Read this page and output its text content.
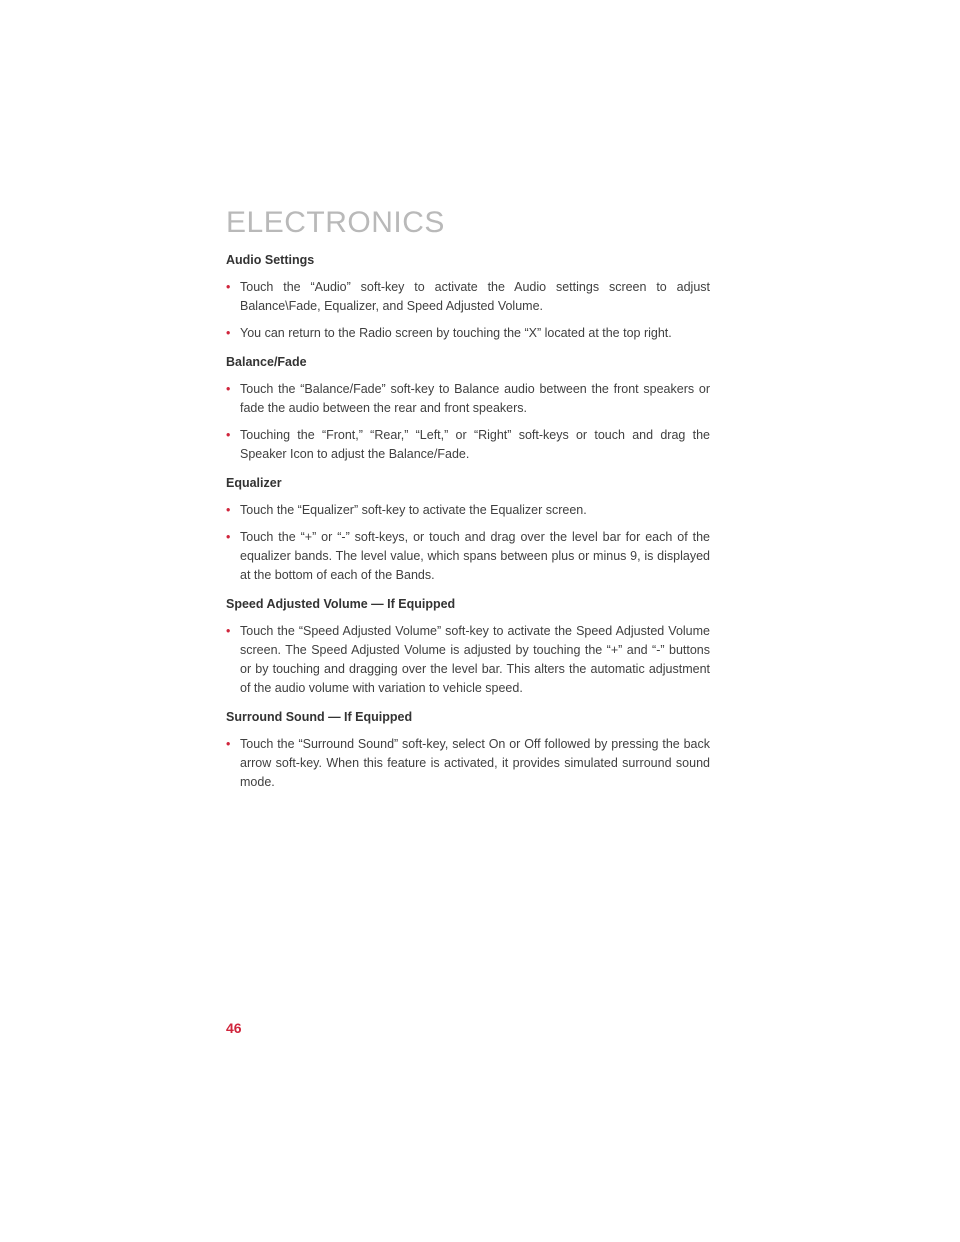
ELECTRONICS
Audio Settings
• Touch the “Audio” soft-key to activate the Audio settings screen to adjust Balance\Fade, Equalizer, and Speed Adjusted Volume.
• You can return to the Radio screen by touching the “X” located at the top right.
Balance/Fade
• Touch the “Balance/Fade” soft-key to Balance audio between the front speakers or fade the audio between the rear and front speakers.
• Touching the “Front,” “Rear,” “Left,” or “Right” soft-keys or touch and drag the Speaker Icon to adjust the Balance/Fade.
Equalizer
• Touch the “Equalizer” soft-key to activate the Equalizer screen.
• Touch the “+” or “-” soft-keys, or touch and drag over the level bar for each of the equalizer bands. The level value, which spans between plus or minus 9, is displayed at the bottom of each of the Bands.
Speed Adjusted Volume — If Equipped
• Touch the “Speed Adjusted Volume” soft-key to activate the Speed Adjusted Volume screen. The Speed Adjusted Volume is adjusted by touching the “+” and “-” buttons or by touching and dragging over the level bar. This alters the automatic adjustment of the audio volume with variation to vehicle speed.
Surround Sound — If Equipped
• Touch the “Surround Sound” soft-key, select On or Off followed by pressing the back arrow soft-key. When this feature is activated, it provides simulated surround sound mode.

46
